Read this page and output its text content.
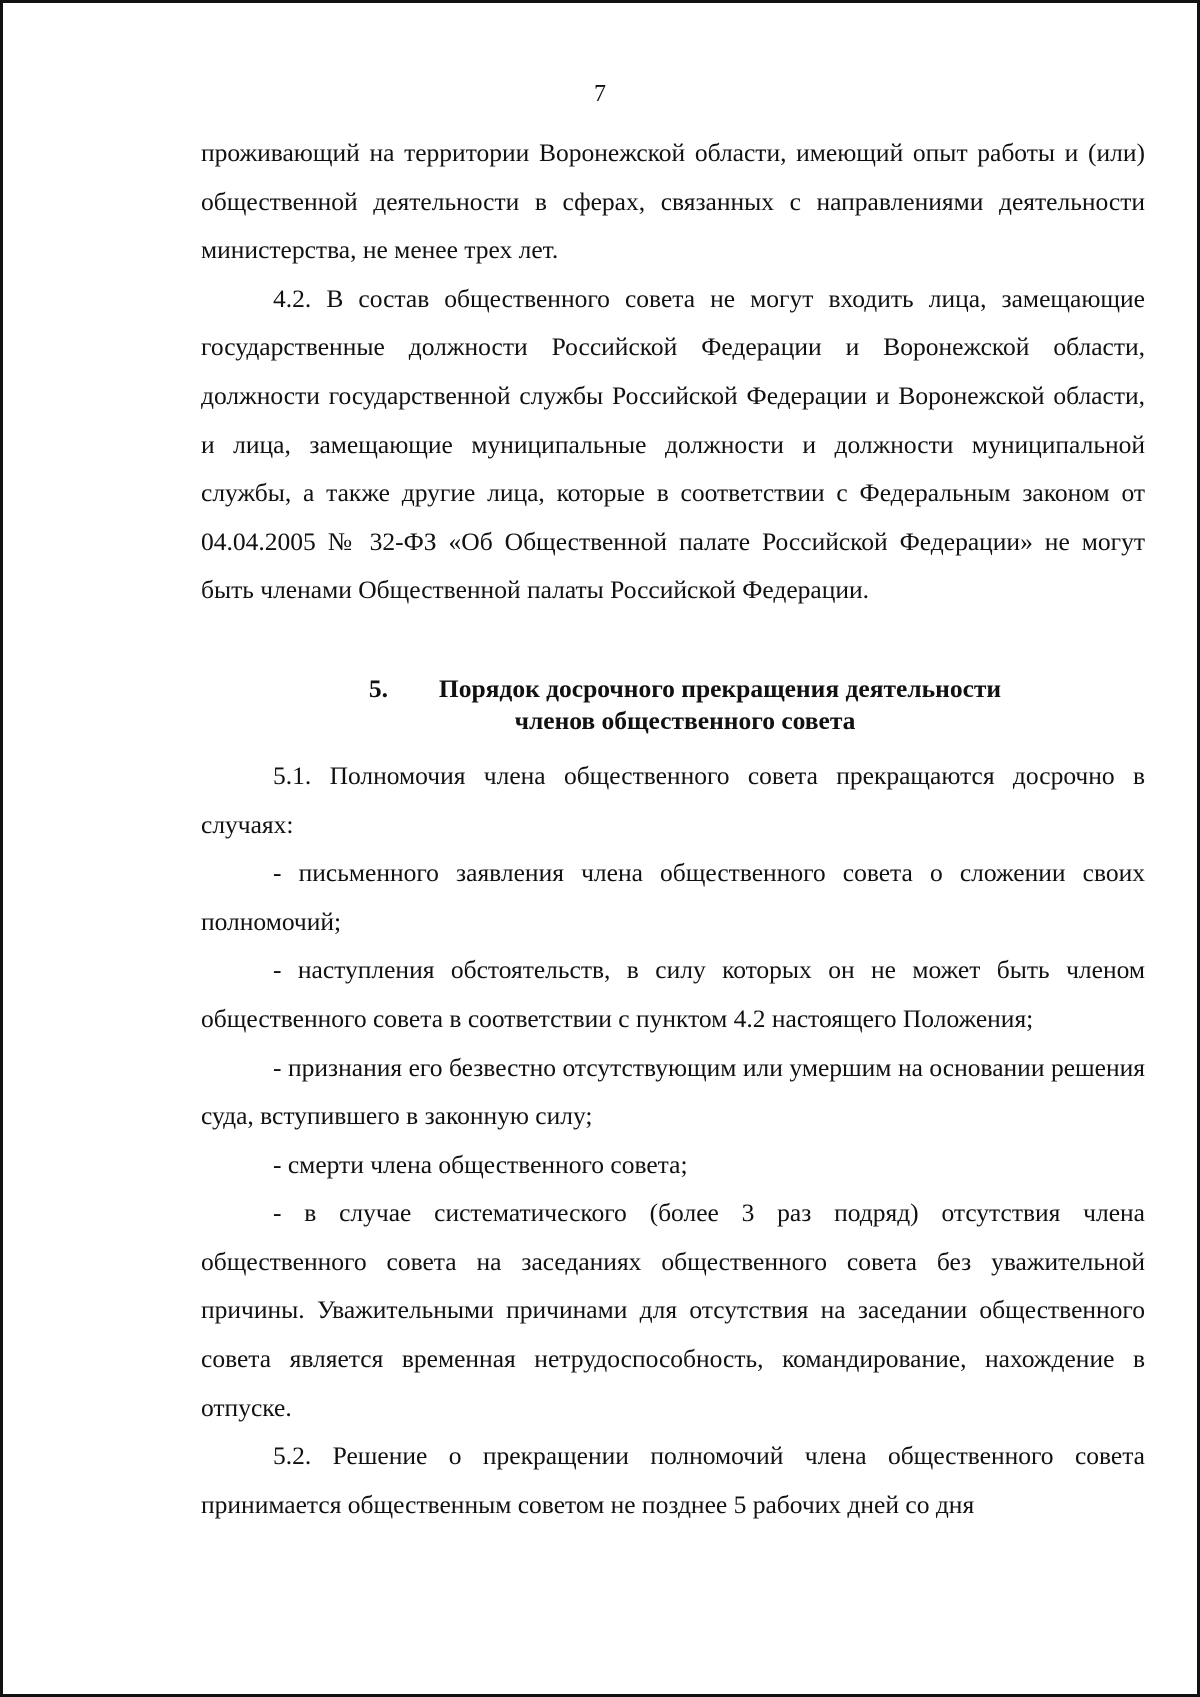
7

проживающий на территории Воронежской области, имеющий опыт работы и (или) общественной деятельности в сферах, связанных с направлениями деятельности министерства, не менее трех лет.

4.2. В состав общественного совета не могут входить лица, замещающие государственные должности Российской Федерации и Воронежской области, должности государственной службы Российской Федерации и Воронежской области, и лица, замещающие муниципальные должности и должности муниципальной службы, а также другие лица, которые в соответствии с Федеральным законом от 04.04.2005 № 32-ФЗ «Об Общественной палате Российской Федерации» не могут быть членами Общественной палаты Российской Федерации.

5. Порядок досрочного прекращения деятельности
членов общественного совета

5.1. Полномочия члена общественного совета прекращаются досрочно в случаях:

- письменного заявления члена общественного совета о сложении своих полномочий;

- наступления обстоятельств, в силу которых он не может быть членом общественного совета в соответствии с пунктом 4.2 настоящего Положения;

- признания его безвестно отсутствующим или умершим на основании решения суда, вступившего в законную силу;

- смерти члена общественного совета;

- в случае систематического (более 3 раз подряд) отсутствия члена общественного совета на заседаниях общественного совета без уважительной причины. Уважительными причинами для отсутствия на заседании общественного совета является временная нетрудоспособность, командирование, нахождение в отпуске.

5.2. Решение о прекращении полномочий члена общественного совета принимается общественным советом не позднее 5 рабочих дней со дня
